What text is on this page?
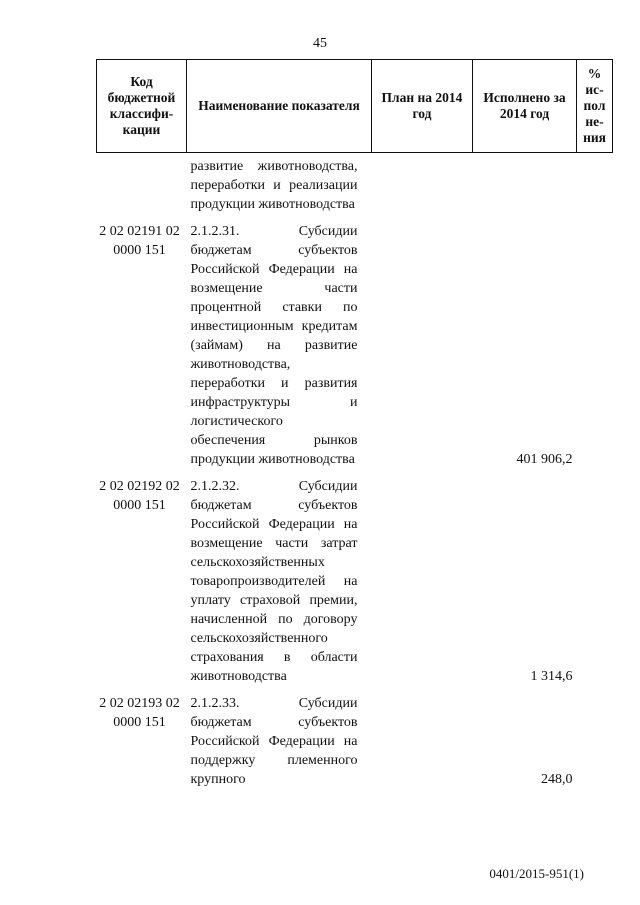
45
Код бюджетной классифи-кации	Наименование показателя	План на 2014 год	Исполнено за 2014 год	% ис-пол не-ния
	развитие животноводства, переработки и реализации продукции животноводства			
2 02 02191 02 0000 151	2.1.2.31. Субсидии бюджетам субъектов Российской Федерации на возмещение части процентной ставки по инвестиционным кредитам (займам) на развитие животноводства, переработки и развития инфраструктуры и логистического обеспечения рынков продукции животноводства		401 906,2	
2 02 02192 02 0000 151	2.1.2.32. Субсидии бюджетам субъектов Российской Федерации на возмещение части затрат сельскохозяйственных товаропроизводителей на уплату страховой премии, начисленной по договору сельскохозяйственного страхования в области животноводства		1 314,6	
2 02 02193 02 0000 151	2.1.2.33. Субсидии бюджетам субъектов Российской Федерации на поддержку племенного крупного		248,0	
0401/2015-951(1)
